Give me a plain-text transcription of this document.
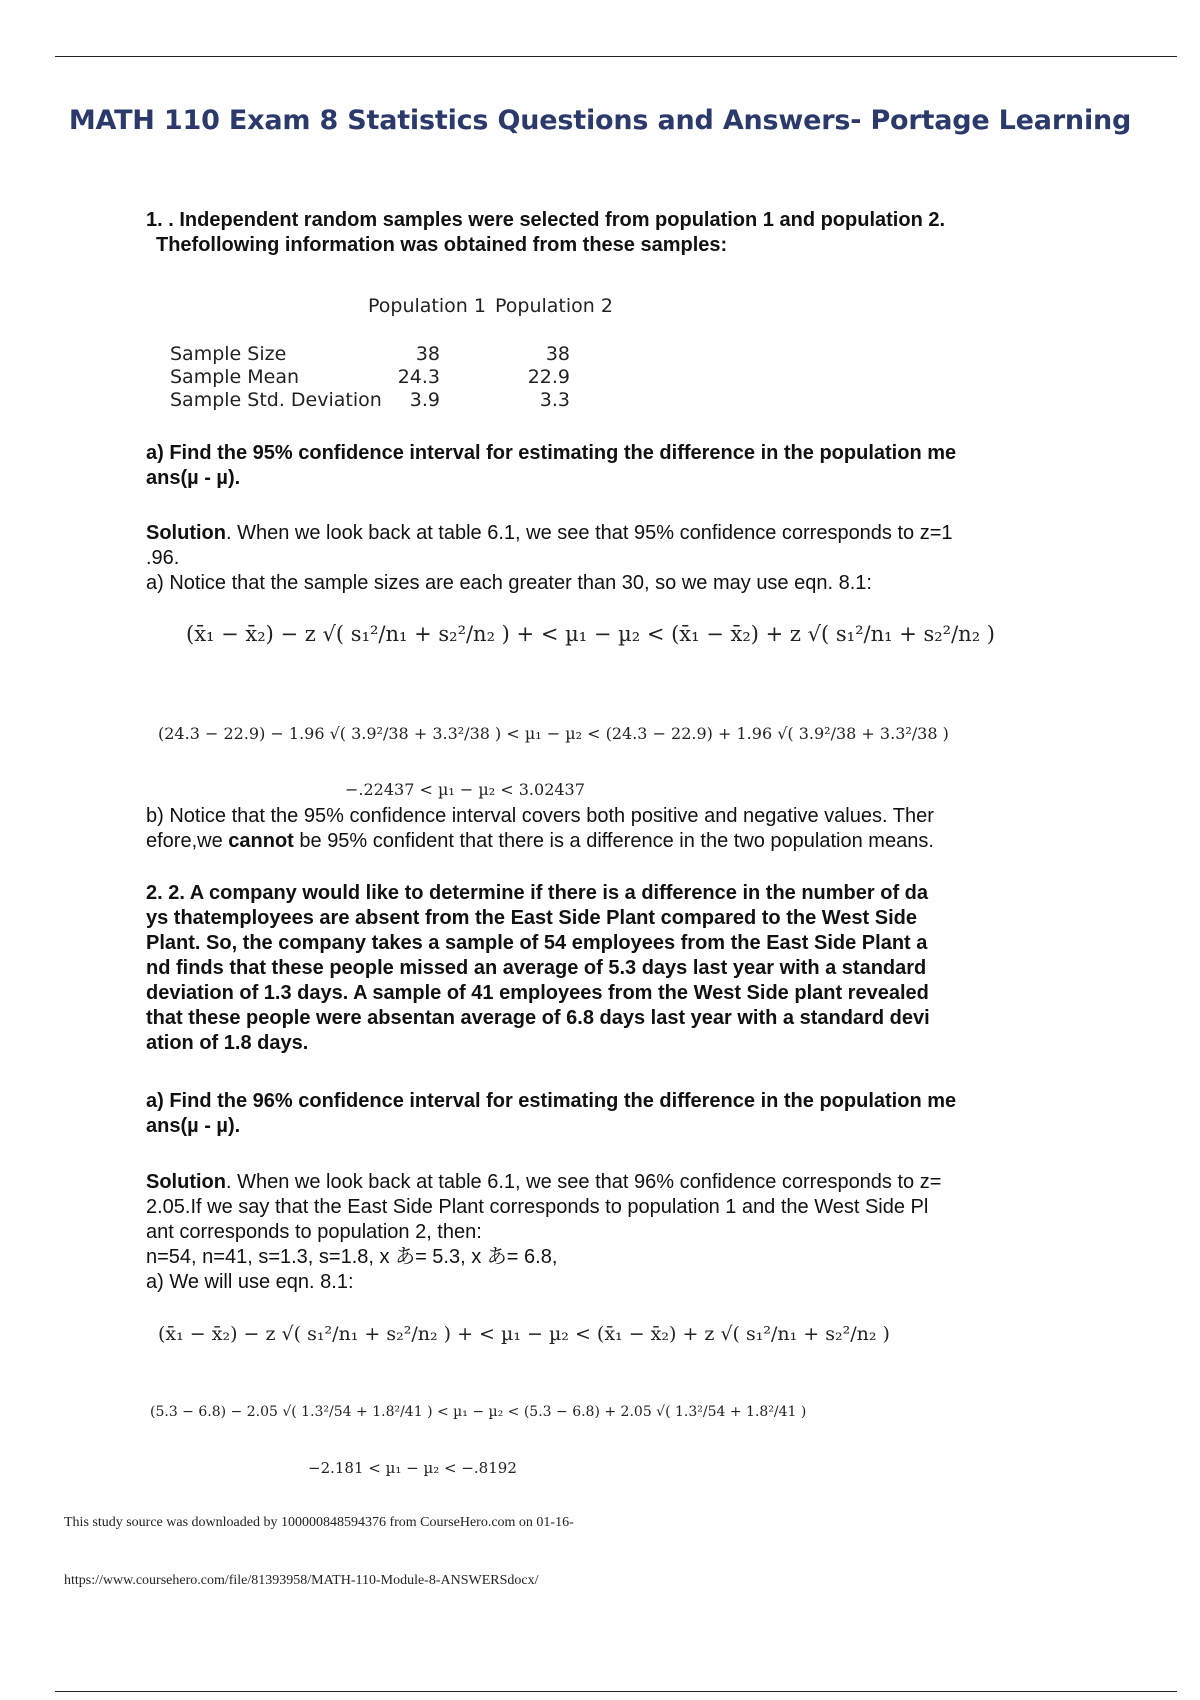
MATH 110 Exam 8 Statistics Questions and Answers- Portage Learning

1. . Independent random samples were selected from population 1 and population 2.
Thefollowing information was obtained from these samples:

Population 1 Population 2
Sample Size	38	38
Sample Mean	24.3	22.9
Sample Std. Deviation	3.9	3.3

a) Find the 95% confidence interval for estimating the difference in the population me
ans(µ - µ).

Solution. When we look back at table 6.1, we see that 95% confidence corresponds to z=1
.96.
a) Notice that the sample sizes are each greater than 30, so we may use eqn. 8.1:

(x̄₁ − x̄₂) − z √( s₁²/n₁ + s₂²/n₂ ) + < µ₁ − µ₂ < (x̄₁ − x̄₂) + z √( s₁²/n₁ + s₂²/n₂ )
(24.3 − 22.9) − 1.96 √( 3.9²/38 + 3.3²/38 ) < µ₁ − µ₂ < (24.3 − 22.9) + 1.96 √( 3.9²/38 + 3.3²/38 )
−.22437 < µ₁ − µ₂ < 3.02437

b) Notice that the 95% confidence interval covers both positive and negative values. Ther
efore,we cannot be 95% confident that there is a difference in the two population means.

2. 2. A company would like to determine if there is a difference in the number of da
ys thatemployees are absent from the East Side Plant compared to the West Side
Plant. So, the company takes a sample of 54 employees from the East Side Plant a
nd finds that these people missed an average of 5.3 days last year with a standard
deviation of 1.3 days. A sample of 41 employees from the West Side plant revealed
that these people were absentan average of 6.8 days last year with a standard devi
ation of 1.8 days.

a) Find the 96% confidence interval for estimating the difference in the population me
ans(µ - µ).

Solution. When we look back at table 6.1, we see that 96% confidence corresponds to z=
2.05.If we say that the East Side Plant corresponds to population 1 and the West Side Pl
ant corresponds to population 2, then:
n=54, n=41, s=1.3, s=1.8, x あ= 5.3, x あ= 6.8,
a) We will use eqn. 8.1:

(x̄₁ − x̄₂) − z √( s₁²/n₁ + s₂²/n₂ ) + < µ₁ − µ₂ < (x̄₁ − x̄₂) + z √( s₁²/n₁ + s₂²/n₂ )
(5.3 − 6.8) − 2.05 √( 1.3²/54 + 1.8²/41 ) < µ₁ − µ₂ < (5.3 − 6.8) + 2.05 √( 1.3²/54 + 1.8²/41 )
−2.181 < µ₁ − µ₂ < −.8192
This study source was downloaded by 100000848594376 from CourseHero.com on 01-16-
https://www.coursehero.com/file/81393958/MATH-110-Module-8-ANSWERSdocx/
